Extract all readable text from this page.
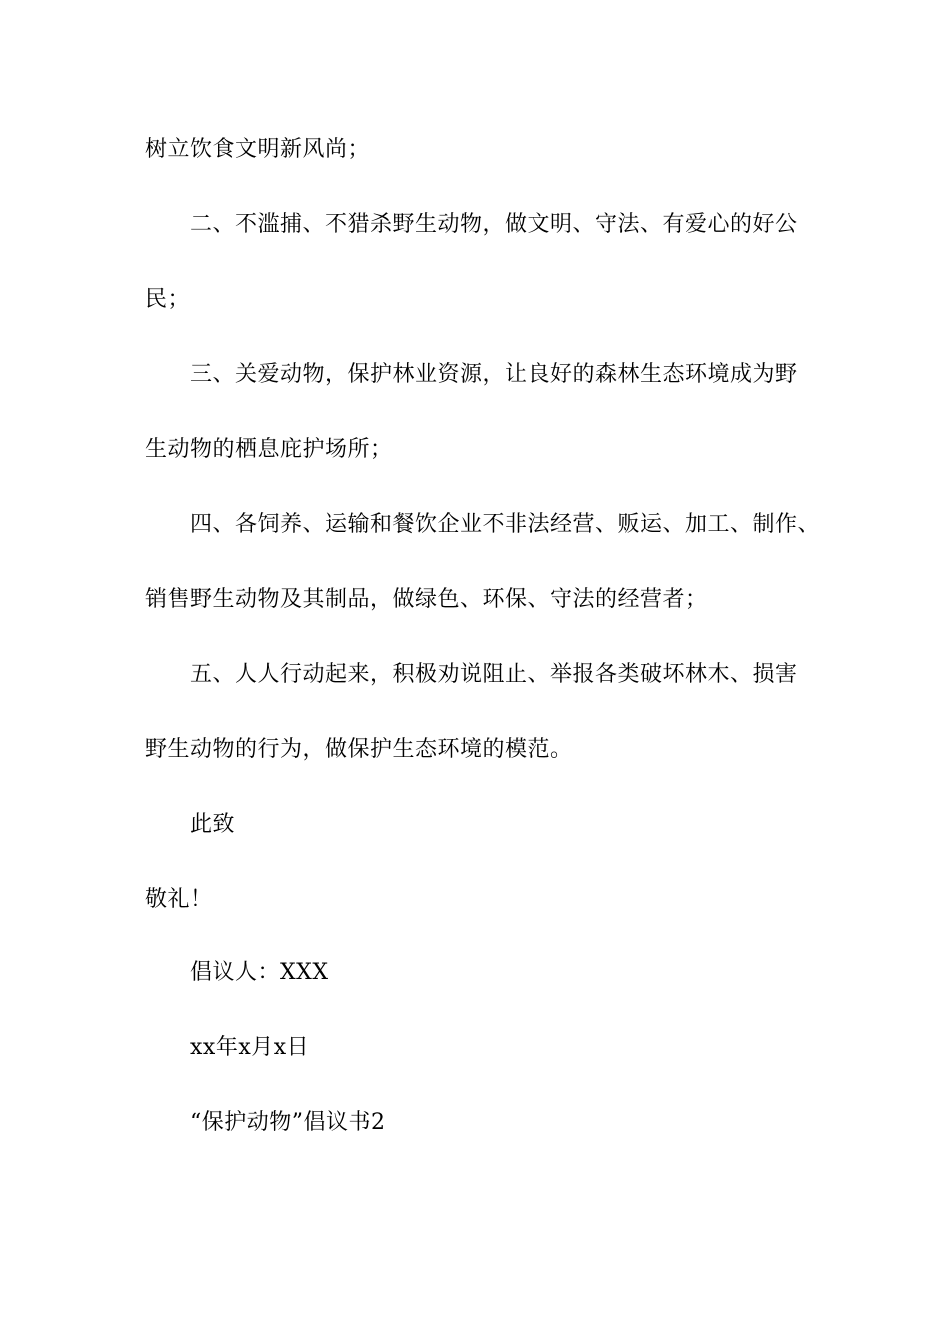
树立饮食文明新风尚；
二、不滥捕、不猎杀野生动物，做文明、守法、有爱心的好公
民；
三、关爱动物，保护林业资源，让良好的森林生态环境成为野
生动物的栖息庇护场所；
四、各饲养、运输和餐饮企业不非法经营、贩运、加工、制作、
销售野生动物及其制品，做绿色、环保、守法的经营者；
五、人人行动起来，积极劝说阻止、举报各类破坏林木、损害
野生动物的行为，做保护生态环境的模范。
此致
敬礼！
倡议人：XXX
xx年x月x日
“保护动物”倡议书2
